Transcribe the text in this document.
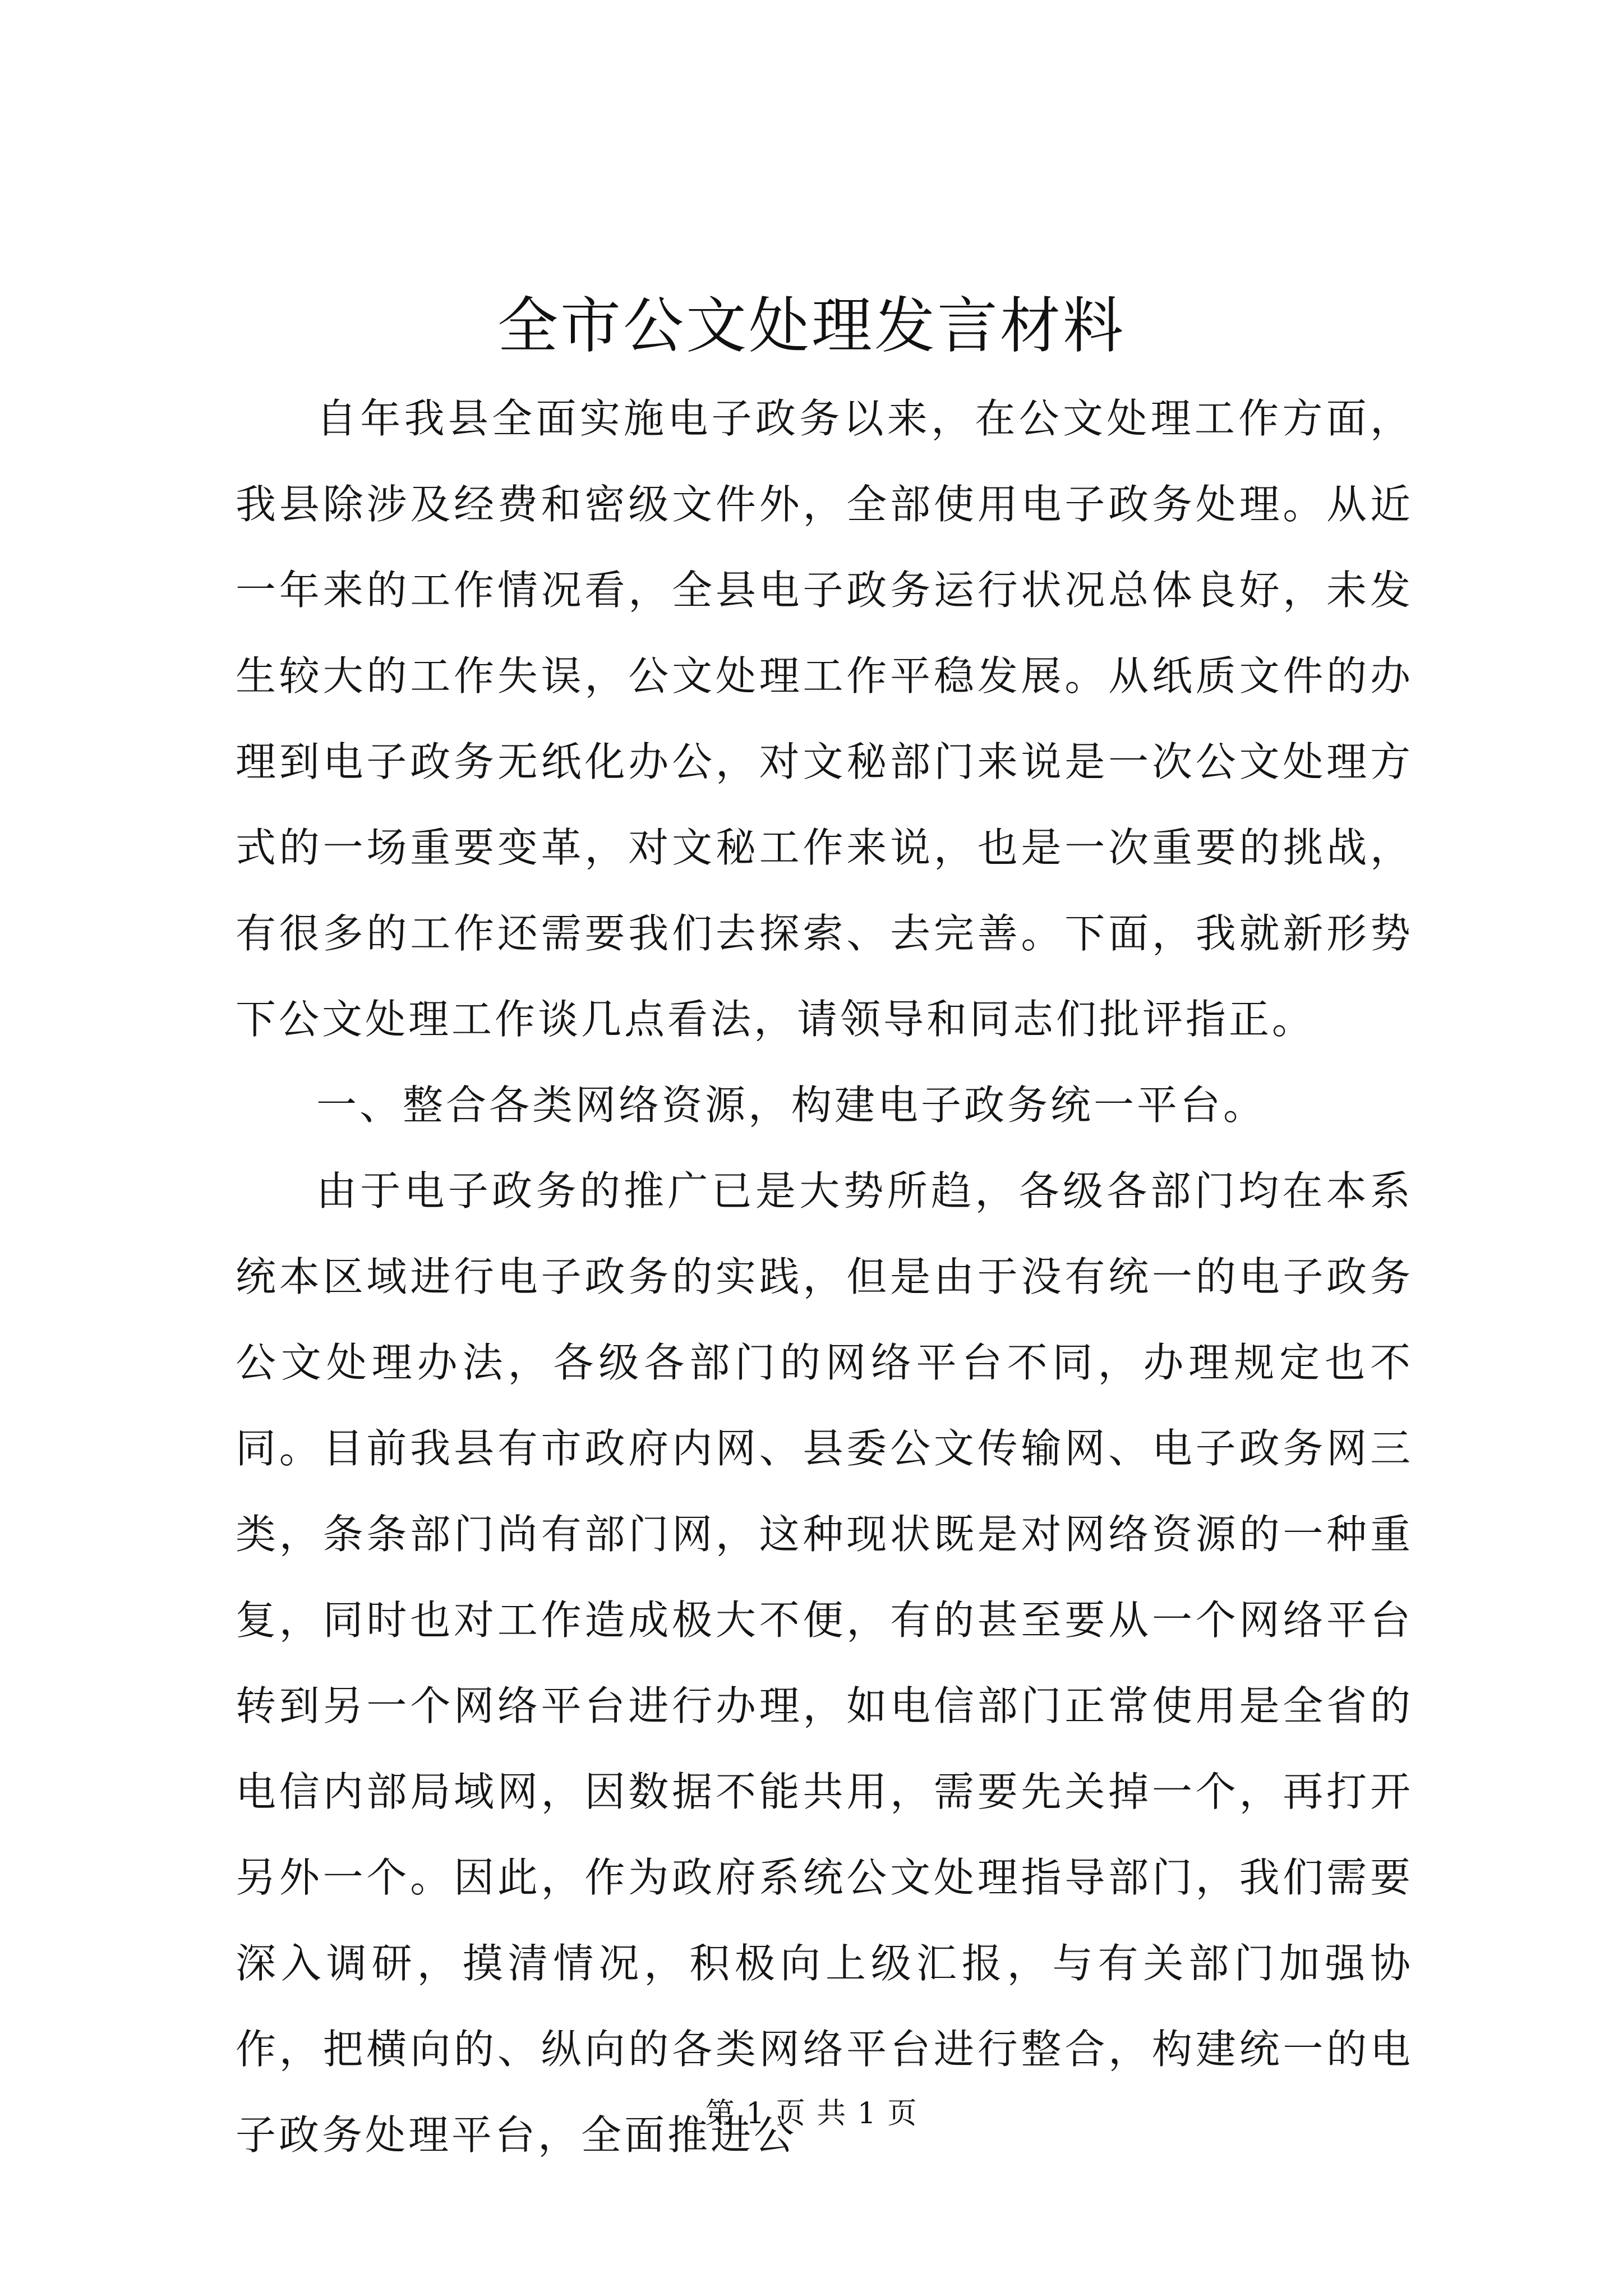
全市公文处理发言材料

自年我县全面实施电子政务以来，在公文处理工作方面，我县除涉及经费和密级文件外，全部使用电子政务处理。从近一年来的工作情况看，全县电子政务运行状况总体良好，未发生较大的工作失误，公文处理工作平稳发展。从纸质文件的办理到电子政务无纸化办公，对文秘部门来说是一次公文处理方式的一场重要变革，对文秘工作来说，也是一次重要的挑战，有很多的工作还需要我们去探索、去完善。下面，我就新形势下公文处理工作谈几点看法，请领导和同志们批评指正。

一、整合各类网络资源，构建电子政务统一平台。

由于电子政务的推广已是大势所趋，各级各部门均在本系统本区域进行电子政务的实践，但是由于没有统一的电子政务公文处理办法，各级各部门的网络平台不同，办理规定也不同。目前我县有市政府内网、县委公文传输网、电子政务网三类，条条部门尚有部门网，这种现状既是对网络资源的一种重复，同时也对工作造成极大不便，有的甚至要从一个网络平台转到另一个网络平台进行办理，如电信部门正常使用是全省的电信内部局域网，因数据不能共用，需要先关掉一个，再打开另外一个。因此，作为政府系统公文处理指导部门，我们需要深入调研，摸清情况，积极向上级汇报，与有关部门加强协作，把横向的、纵向的各类网络平台进行整合，构建统一的电子政务处理平台，全面推进公

第 1 页 共 1 页
